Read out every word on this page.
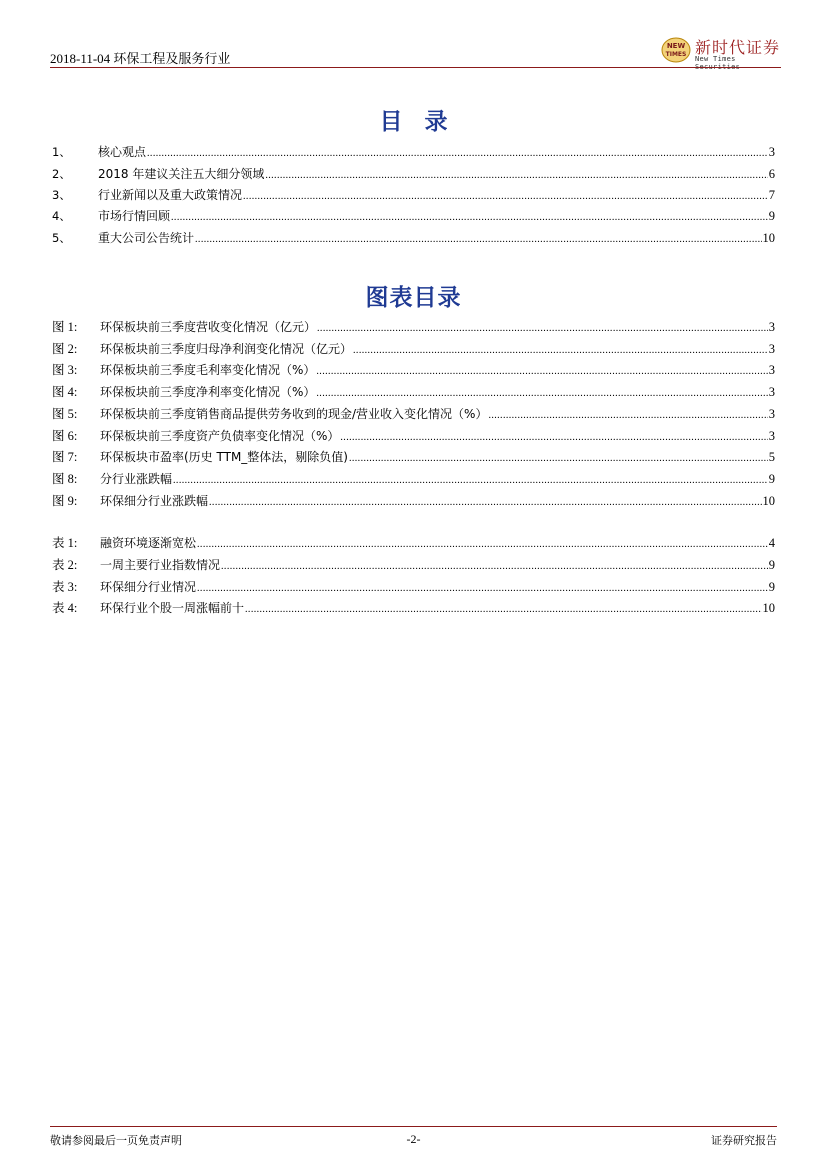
2018-11-04 环保工程及服务行业
NEW
TIMES 新时代证券
New Times Securities
目录
1、	核心观点 .....	3
2、	2018 年建议关注五大细分领域 .....	6
3、	行业新闻以及重大政策情况 .....	7
4、	市场行情回顾 .....	9
5、	重大公司公告统计 .....	10
图表目录
图 1:	环保板块前三季度营收变化情况（亿元） .....	3
图 2:	环保板块前三季度归母净利润变化情况（亿元） .....	3
图 3:	环保板块前三季度毛利率变化情况（%） .....	3
图 4:	环保板块前三季度净利率变化情况（%） .....	3
图 5:	环保板块前三季度销售商品提供劳务收到的现金/营业收入变化情况（%） .....	3
图 6:	环保板块前三季度资产负债率变化情况（%） .....	3
图 7:	环保板块市盈率(历史 TTM_整体法，剔除负值) .....	5
图 8:	分行业涨跌幅 .....	9
图 9:	环保细分行业涨跌幅 .....	10
表 1:	融资环境逐渐宽松 .....	4
表 2:	一周主要行业指数情况 .....	9
表 3:	环保细分行业情况 .....	9
表 4:	环保行业个股一周涨幅前十 .....	10
敬请参阅最后一页免责声明	-2-	证券研究报告
